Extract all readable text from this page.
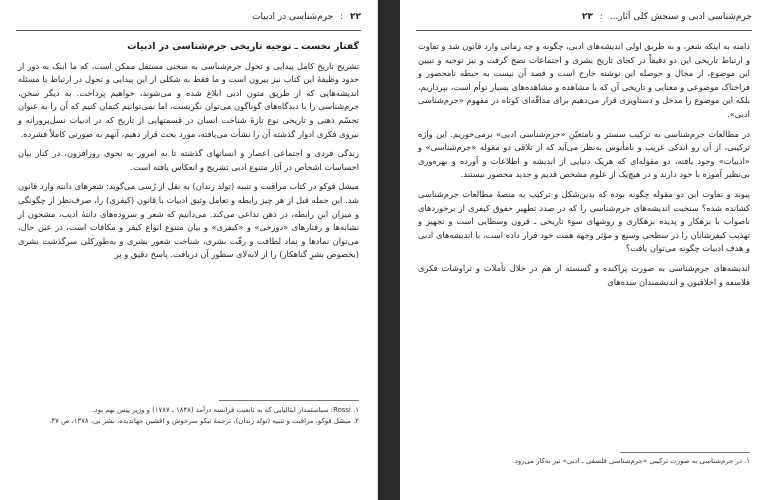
۲۲ : جرم‌شناسی در ادبیات

گفتار نخست ـ توجیه تاریخی جرم‌شناسی در ادبیات

تشریح تاریخ کامل پیدایی و تحول جرم‌شناسی به سخنی مستقل ممکن است، که ما اینک به دور از حدود وظیفهٔ این کتاب نیز بیرون است و ما فقط به شکلی از این پیدایی و تحول در ارتباط با مسئله اندیشه‌هایی که از طریق متون ادبی ابلاغ شده و می‌شوند، خواهیم پرداخت. به دیگر سخن، جرم‌شناسی را با دیدگاه‌های گوناگون می‌توان نگریست، اما نمی‌توانیم کتمان کنیم که آن را به عنوان تجسّم ذهنی و تاریخی نوع تازهٔ شناخت انسان در قسمتهایی از تاریخ که در ادبیات نسل‌پرورانه و نیروی فکری ادوار گذشته آن را نشأت می‌یافته، مورد بحث قرار دهیم، آنهم به صورتی کاملاً فشرده.

زندگی فردی و اجتماعی اعصار و انسانهای گذشته تا به امروز به نحوی روزافزون، در کنار بیان احساسات اشخاص در آثار متنوع ادبی تشریح و انعکاس یافته است.

میشل فوکو در کتاب مراقبت و تنبیه (تولد زندان) به نقل از رُسی می‌گوید: شعرهای دانته وارد قانون شد. این جمله قبل از هر چیز رابطه و تعامل وثیق ادبیات با قانون (کیفری) را، صرف‌نظر از چگونگی و میزان این رابطه، در ذهن تداعی می‌کند. می‌دانیم که شعر و سروده‌های دانتهٔ ادیب، مشحون از نشانه‌ها و رفتارهای «دوزخی» و «کیفری» و بیان متنوع انواع کیفر و مکافات است، در عین حال، می‌توان نمادها و نماد لطافت و رقّت بشری، شناخت شعور بشری و به‌طورکلی سرگذشت بشری (بخصوص بشرِ گناهکار) را از لابه‌لای سطور آن دریافت. پاسخ دقیق و پر

۱. Rossi: سیاستمدار ایتالیایی که به تابعیت فرانسه درآمد (۱۸۴۸ ـ ۱۷۸۷) و وزیر پیس نهم بود.

۲. میشل فوکو، مراقبت و تنبیه (تولد زندان)، ترجمهٔ نیکو سرخوش و افشین جهاندیده، نشر نی، ۱۳۷۸، ص ۴۷.

جرم‌شناسی ادبی و سنجش کلی آثار... : ۲۳

دامنه به اینکه شعر، و به طریق اولی اندیشه‌های ادبی، چگونه و چه زمانی وارد قانون شد و تفاوت و ارتباط تاریخی این دو دقیقاً در کجای تاریخ بشری و اجتماعات نضج گرفت و نیز توجیه و تبیین این موضوع، از مجال و حوصله این نوشته خارج است و قصد آن نیست به حیطه نامحصور و فراخناک موضوعی و معنایی و تاریخی آن که با مشاهده و مشاهده‌های بسیار توأم است، بپردازیم، بلکه این موضوع را مدخل و دستاویزی قرار می‌دهیم برای مداقّه‌ای کوتاه در مفهوم «جرم‌شناسی ادبی».

در مطالعات جرم‌شناسی به ترکیب سستر و نامتعیّنِ «جرم‌شناسی ادبی» برمی‌خوریم. این واژه ترکیبی، از آن رو اندکی غریب و نامأنوس به‌نظر می‌آید که از تلاقی دو مقوله «جرم‌شناسی» و «ادبیات» وجود یافته، دو مقوله‌ای که هریک دنیایی از اندیشه و اطلاعات و آورده و بهره‌وری بی‌نظیر آموزه با خود دارند و در هیچ‌یک از علوم مشخص قدیم و جدید محصور نیستند.

پیوند و تفاوت این دو مقوله چگونه بوده که بدین‌شکل و ترکیب به منصهٔ مطالعات جرم‌شناسی کشانده شده؟ سنخیت اندیشه‌های جرم‌شناسی را که در صدد تطهیر حقوق کیفری از برخوردهای ناصواب با بزهکار و پدیده بزهکاری و روشهای سوء تاریخی ـ قرون وسطایی است و تجهیز و تهذیب کیفرشانان را در سطحی وسیع و مؤثر وجهه همت خود قرار داده است، با اندیشه‌های ادبی و هدف ادبیات چگونه می‌توان یافت؟

اندیشه‌های جرم‌شناسی به صورت پراکنده و گسسته از هم در خلال تأملات و تراوشات فکری فلاسفه و اخلاقیون و اندیشمندان سده‌های

۱. در جرم‌شناسی به صورت ترکیبی «جرم‌شناسی فلسفی ـ ادبی» نیز به‌کار می‌رود.
